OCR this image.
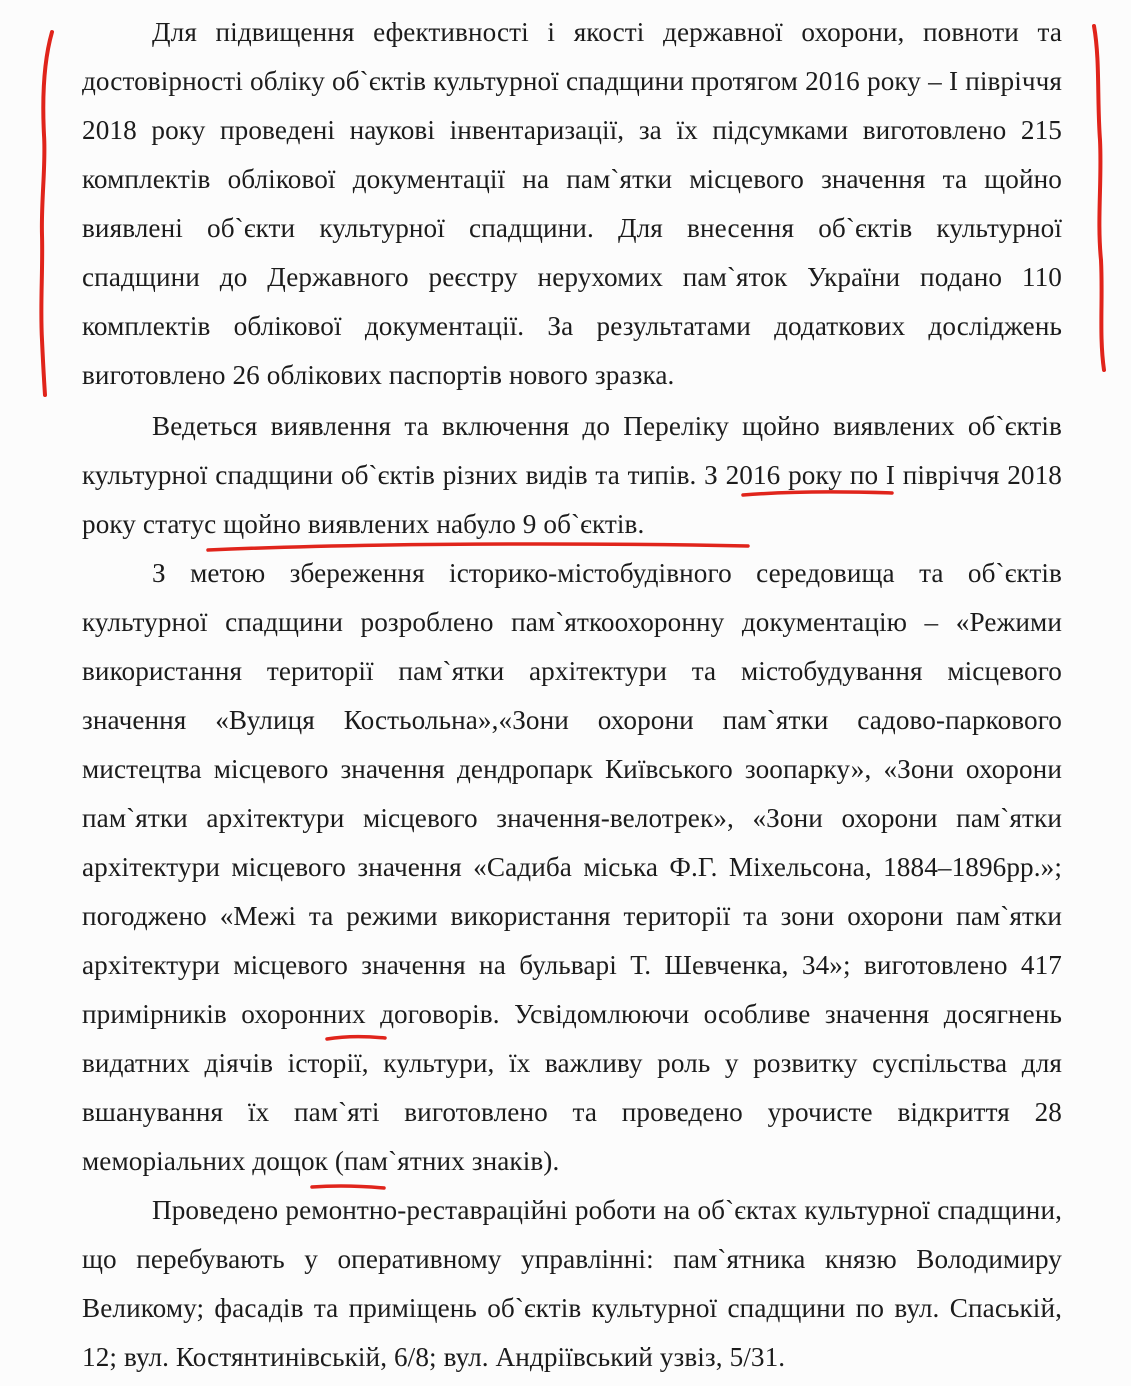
Для підвищення ефективності і якості державної охорони, повноти та достовірності обліку об`єктів культурної спадщини протягом 2016 року – І півріччя 2018 року проведені наукові інвентаризації, за їх підсумками виготовлено 215 комплектів облікової документації на пам`ятки місцевого значення та щойно виявлені об`єкти культурної спадщини. Для внесення об`єктів культурної спадщини до Державного реєстру нерухомих пам`яток України подано 110 комплектів облікової документації. За результатами додаткових досліджень виготовлено 26 облікових паспортів нового зразка.

Ведеться виявлення та включення до Переліку щойно виявлених об`єктів культурної спадщини об`єктів різних видів та типів. З 2016 року по І півріччя 2018 року статус щойно виявлених набуло 9 об`єктів.

З метою збереження історико-містобудівного середовища та об`єктів культурної спадщини розроблено пам`яткоохоронну документацію – «Режими використання території пам`ятки архітектури та містобудування місцевого значення «Вулиця Костьольна»,«Зони охорони пам`ятки садово-паркового мистецтва місцевого значення дендропарк Київського зоопарку», «Зони охорони пам`ятки архітектури місцевого значення-велотрек», «Зони охорони пам`ятки архітектури місцевого значення «Садиба міська Ф.Г. Міхельсона, 1884–1896рр.»; погоджено «Межі та режими використання території та зони охорони пам`ятки архітектури місцевого значення на бульварі Т. Шевченка, 34»; виготовлено 417 примірників охоронних договорів. Усвідомлюючи особливе значення досягнень видатних діячів історії, культури, їх важливу роль у розвитку суспільства для вшанування їх пам`яті виготовлено та проведено урочисте відкриття 28 меморіальних дощок (пам`ятних знаків).

Проведено ремонтно-реставраційні роботи на об`єктах культурної спадщини, що перебувають у оперативному управлінні: пам`ятника князю Володимиру Великому; фасадів та приміщень об`єктів культурної спадщини по вул. Спаській, 12; вул. Костянтинівській, 6/8; вул. Андріївський узвіз, 5/31.
